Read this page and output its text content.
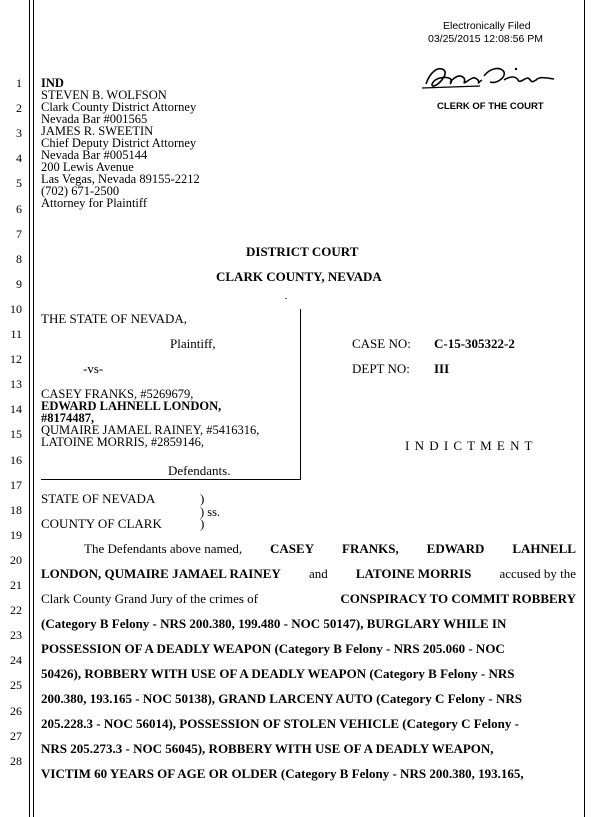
1
2
3
4
5
6
7
8
9
10
11
12
13
14
15
16
17
18
19
20
21
22
23
24
25
26
27
28
Electronically Filed
03/25/2015 12:08:56 PM
CLERK OF THE COURT
IND
STEVEN B. WOLFSON
Clark County District Attorney
Nevada Bar #001565
JAMES R. SWEETIN
Chief Deputy District Attorney
Nevada Bar #005144
200 Lewis Avenue
Las Vegas, Nevada 89155-2212
(702) 671-2500
Attorney for Plaintiff
DISTRICT COURT
CLARK COUNTY, NEVADA
THE STATE OF NEVADA,
Plaintiff,
-vs-
CASEY FRANKS, #5269679,
EDWARD LAHNELL LONDON,
#8174487,
QUMAIRE JAMAEL RAINEY, #5416316,
LATOINE MORRIS, #2859146,
Defendants.
CASE NO: C-15-305322-2
DEPT NO: III
I N D I C T M E N T
STATE OF NEVADA
COUNTY OF CLARK
)
) ss.
)
The Defendants above named, CASEY FRANKS, EDWARD LAHNELL
LONDON, QUMAIRE JAMAEL RAINEY and LATOINE MORRIS accused by the
Clark County Grand Jury of the crimes of	CONSPIRACY TO COMMIT ROBBERY
(Category B Felony - NRS 200.380, 199.480 - NOC 50147), BURGLARY WHILE IN
POSSESSION OF A DEADLY WEAPON (Category B Felony - NRS 205.060 - NOC
50426), ROBBERY WITH USE OF A DEADLY WEAPON (Category B Felony - NRS
200.380, 193.165 - NOC 50138), GRAND LARCENY AUTO (Category C Felony - NRS
205.228.3 - NOC 56014), POSSESSION OF STOLEN VEHICLE (Category C Felony -
NRS 205.273.3 - NOC 56045), ROBBERY WITH USE OF A DEADLY WEAPON,
VICTIM 60 YEARS OF AGE OR OLDER (Category B Felony - NRS 200.380, 193.165,
